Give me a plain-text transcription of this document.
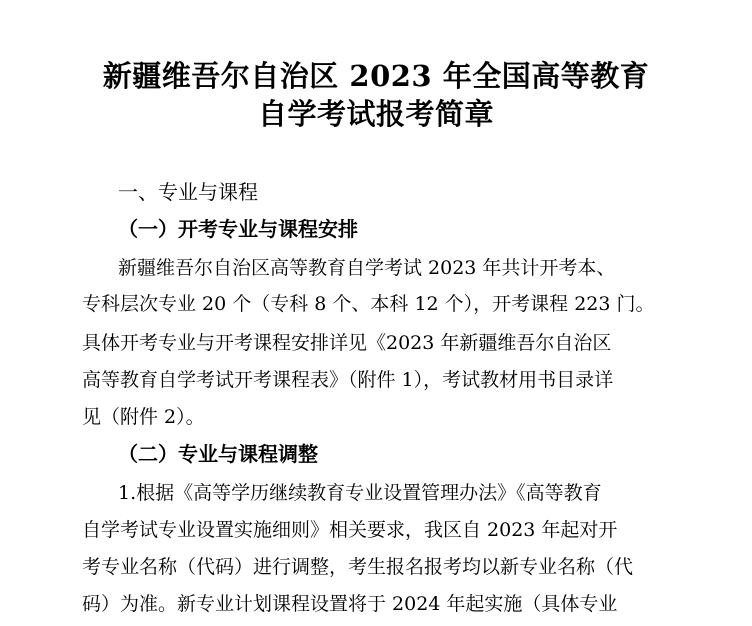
新疆维吾尔自治区 2023 年全国高等教育
自学考试报考简章
一、专业与课程
（一）开考专业与课程安排
新疆维吾尔自治区高等教育自学考试 2023 年共计开考本、
专科层次专业 20 个（专科 8 个、本科 12 个），开考课程 223 门。
具体开考专业与开考课程安排详见《2023 年新疆维吾尔自治区
高等教育自学考试开考课程表》（附件 1），考试教材用书目录详
见（附件 2）。
（二）专业与课程调整
1.根据《高等学历继续教育专业设置管理办法》《高等教育
自学考试专业设置实施细则》相关要求，我区自 2023 年起对开
考专业名称（代码）进行调整，考生报名报考均以新专业名称（代
码）为准。新专业计划课程设置将于 2024 年起实施（具体专业
